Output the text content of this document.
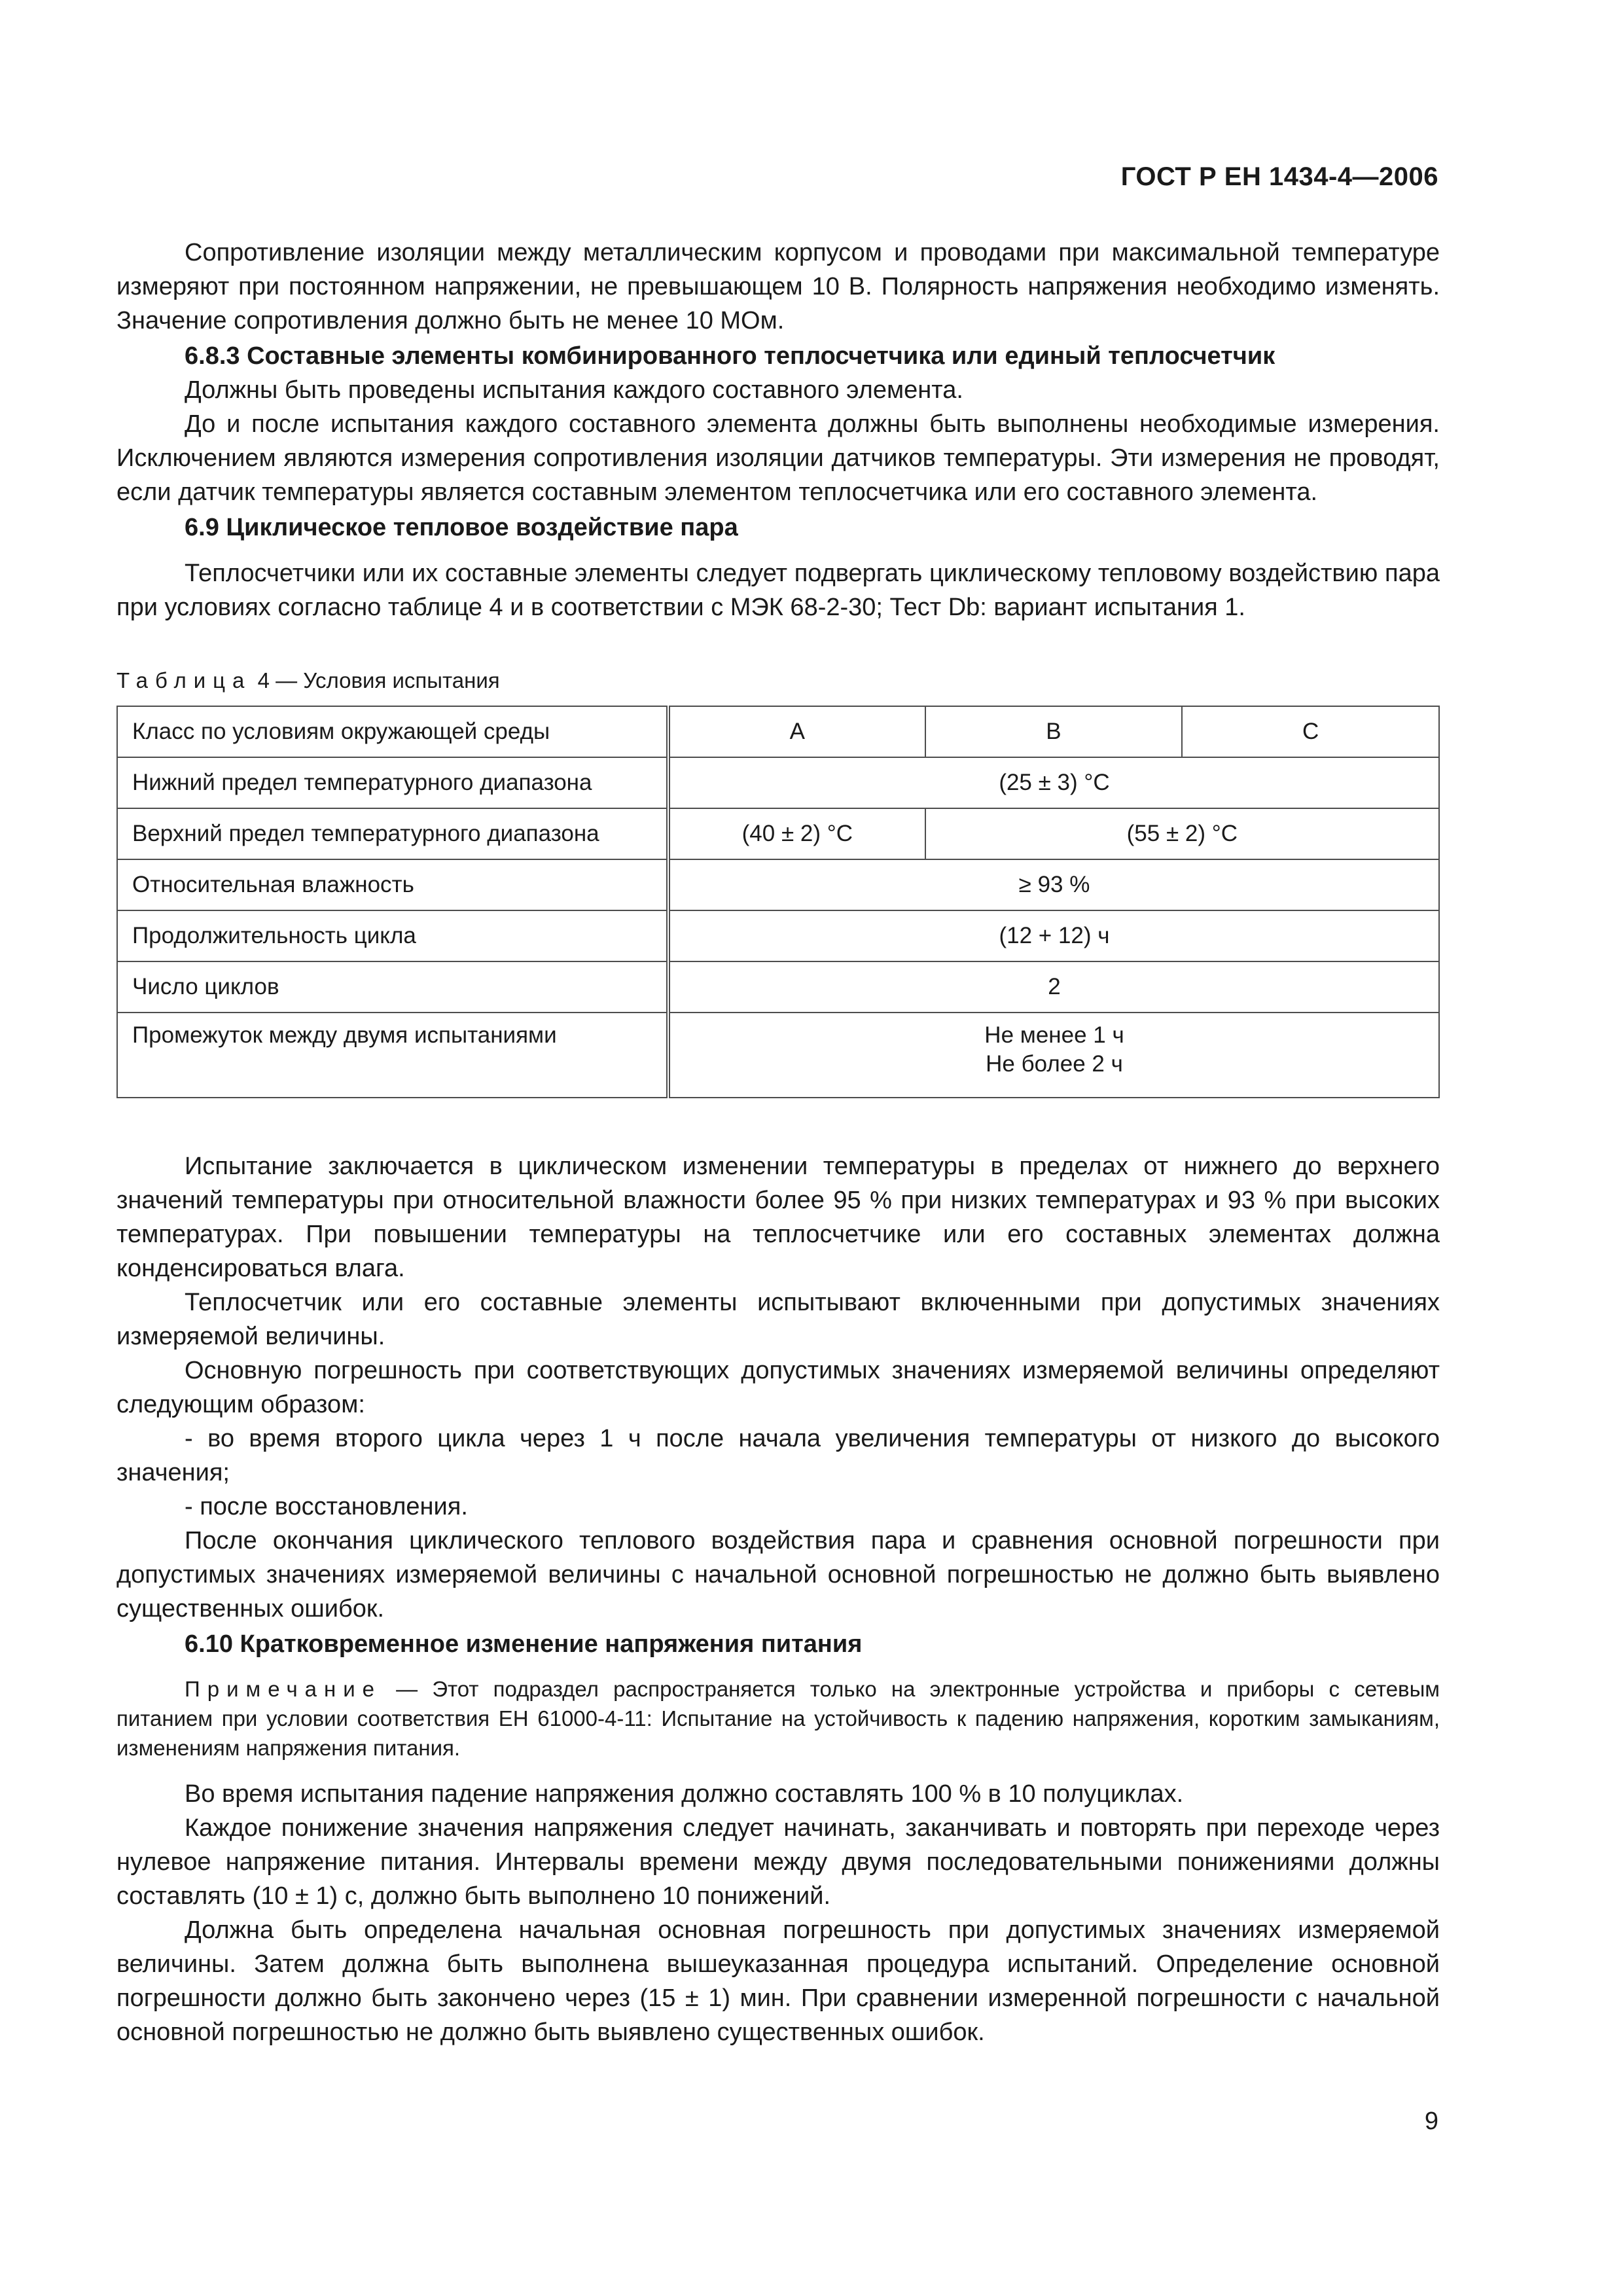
ГОСТ Р ЕН 1434-4—2006

Сопротивление изоляции между металлическим корпусом и проводами при максимальной температуре измеряют при постоянном напряжении, не превышающем 10 В. Полярность напряжения необходимо изменять. Значение сопротивления должно быть не менее 10 МОм.

6.8.3 Составные элементы комбинированного теплосчетчика или единый теплосчетчик

Должны быть проведены испытания каждого составного элемента.

До и после испытания каждого составного элемента должны быть выполнены необходимые измерения. Исключением являются измерения сопротивления изоляции датчиков температуры. Эти измерения не проводят, если датчик температуры является составным элементом теплосчетчика или его составного элемента.

6.9 Циклическое тепловое воздействие пара

Теплосчетчики или их составные элементы следует подвергать циклическому тепловому воздействию пара при условиях согласно таблице 4 и в соответствии с МЭК 68-2-30; Тест Db: вариант испытания 1.

Таблица 4 — Условия испытания
Класс по условиям окружающей среды	А	В	С
Нижний предел температурного диапазона	(25 ± 3) °С		
Верхний предел температурного диапазона	(40 ± 2) °С	(55 ± 2) °С	
Относительная влажность	≥ 93 %		
Продолжительность цикла	(12 + 12) ч		
Число циклов	2		
Промежуток между двумя испытаниями	Не менее 1 ч
Не более 2 ч		

Испытание заключается в циклическом изменении температуры в пределах от нижнего до верхнего значений температуры при относительной влажности более 95 % при низких температурах и 93 % при высоких температурах. При повышении температуры на теплосчетчике или его составных элементах должна конденсироваться влага.

Теплосчетчик или его составные элементы испытывают включенными при допустимых значениях измеряемой величины.

Основную погрешность при соответствующих допустимых значениях измеряемой величины определяют следующим образом:

- во время второго цикла через 1 ч после начала увеличения температуры от низкого до высокого значения;

- после восстановления.

После окончания циклического теплового воздействия пара и сравнения основной погрешности при допустимых значениях измеряемой величины с начальной основной погрешностью не должно быть выявлено существенных ошибок.

6.10 Кратковременное изменение напряжения питания

Примечание — Этот подраздел распространяется только на электронные устройства и приборы с сетевым питанием при условии соответствия ЕН 61000-4-11: Испытание на устойчивость к падению напряжения, коротким замыканиям, изменениям напряжения питания.

Во время испытания падение напряжения должно составлять 100 % в 10 полуциклах.

Каждое понижение значения напряжения следует начинать, заканчивать и повторять при переходе через нулевое напряжение питания. Интервалы времени между двумя последовательными понижениями должны составлять (10 ± 1) с, должно быть выполнено 10 понижений.

Должна быть определена начальная основная погрешность при допустимых значениях измеряемой величины. Затем должна быть выполнена вышеуказанная процедура испытаний. Определение основной погрешности должно быть закончено через (15 ± 1) мин. При сравнении измеренной погрешности с начальной основной погрешностью не должно быть выявлено существенных ошибок.

9
